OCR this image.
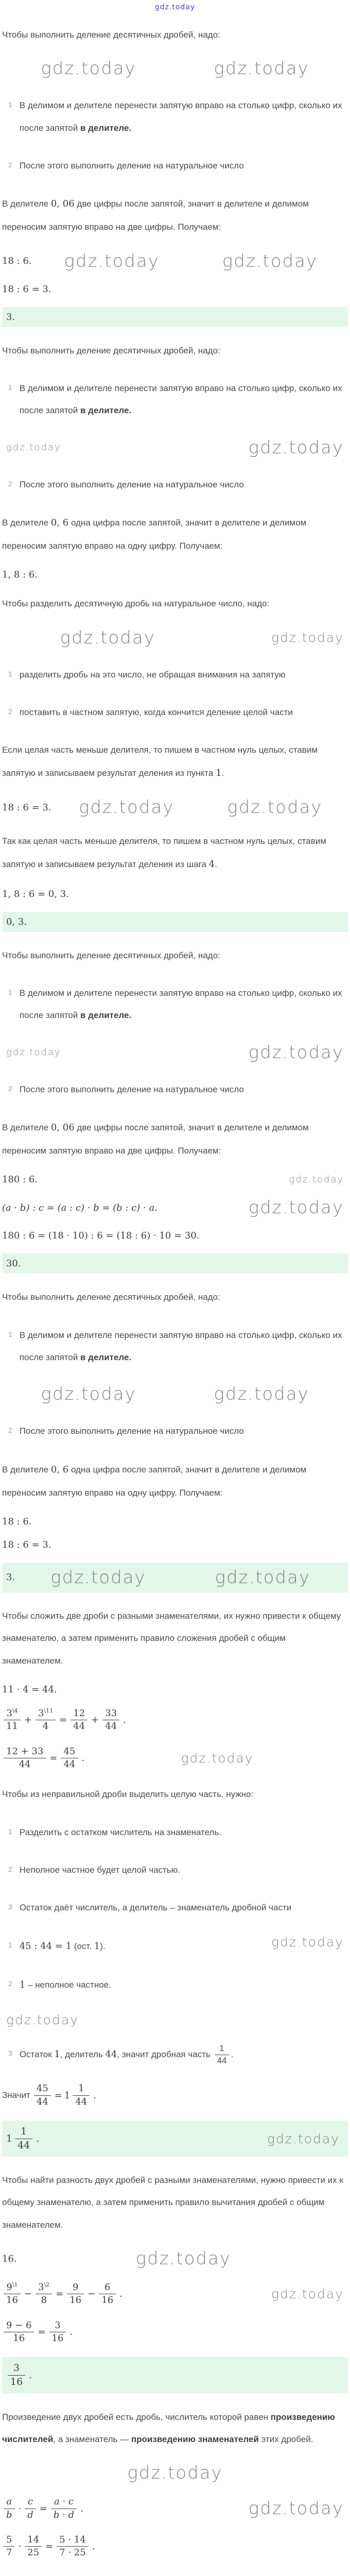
gdz.today
Чтобы выполнить деление десятичных дробей, надо:
gdz.today	gdz.today
1 В делимом и делителе перенести запятую вправо на столько цифр, сколько их после запятой в делителе.
2 После этого выполнить деление на натуральное число
В делителе 0, 06 две цифры после запятой, значит в делителе и делимом переносим запятую вправо на две цифры. Получаем:
18 : 6. gdz.today	gdz.today
18 : 6 = 3.
3.
Чтобы выполнить деление десятичных дробей, надо:
1 В делимом и делителе перенести запятую вправо на столько цифр, сколько их после запятой в делителе.
gdz.today	gdz.today
2 После этого выполнить деление на натуральное число
В делителе 0, 6 одна цифра после запятой, значит в делителе и делимом переносим запятую вправо на одну цифру. Получаем:
1, 8 : 6.
Чтобы разделить десятичную дробь на натуральное число, надо:
gdz.today	gdz.today
1 разделить дробь на это число, не обращая внимания на запятую
2 поставить в частном запятую, когда кончится деление целой части
Если целая часть меньше делителя, то пишем в частном нуль целых, ставим запятую и записываем результат деления из пункта 1.
18 : 6 = 3. gdz.today	gdz.today
Так как целая часть меньше делителя, то пишем в частном нуль целых, ставим запятую и записываем результат деления из шага 4.
1, 8 : 6 = 0, 3.
0, 3.
Чтобы выполнить деление десятичных дробей, надо:
1 В делимом и делителе перенести запятую вправо на столько цифр, сколько их после запятой в делителе.
gdz.today	gdz.today
2 После этого выполнить деление на натуральное число
В делителе 0, 06 две цифры после запятой, значит в делителе и делимом переносим запятую вправо на две цифры. Получаем:
180 : 6.	gdz.today
(a · b) : c = (a : c) · b = (b : c) · a.	gdz.today
180 : 6 = (18 · 10) : 6 = (18 : 6) · 10 = 30.
30.
Чтобы выполнить деление десятичных дробей, надо:
1 В делимом и делителе перенести запятую вправо на столько цифр, сколько их после запятой в делителе.
gdz.today	gdz.today
2 После этого выполнить деление на натуральное число
В делителе 0, 6 одна цифра после запятой, значит в делителе и делимом переносим запятую вправо на одну цифру. Получаем:
18 : 6.
18 : 6 = 3.
3. gdz.today	gdz.today
Чтобы сложить две дроби с разными знаменателями, их нужно привести к общему знаменателю, а затем применить правило сложения дробей с общим знаменателем.
11 · 4 = 44.
$\frac{3^{\backslash 4}}{11} + \frac{3^{\backslash 11}}{4} = \frac{12}{44} + \frac{33}{44}$ .
$\frac{12 + 33}{44} = \frac{45}{44}$ .	gdz.today
Чтобы из неправильной дроби выделить целую часть, нужно:
1 Разделить с остатком числитель на знаменатель.
2 Неполное частное будет целой частью.
3 Остаток даёт числитель, а делитель – знаменатель дробной части
1 45 : 44 = 1 (ост. 1).	gdz.today
2 1 – неполное частное.
gdz.today
3 Остаток 1, делитель 44, значит дробная часть $\frac{1}{44}$ .
Значит $\frac{45}{44} = 1 \frac{1}{44}$ .
$1 \frac{1}{44}$ .	gdz.today
Чтобы найти разность двух дробей с разными знаменателями, нужно привести их к общему знаменателю, а затем применить правило вычитания дробей с общим знаменателем.
16.	gdz.today
$\frac{9^{\backslash 1}}{16} - \frac{3^{\backslash 2}}{8} = \frac{9}{16} - \frac{6}{16}$ .	gdz.today
$\frac{9 - 6}{16} = \frac{3}{16}$ .
$\frac{3}{16}$ .
Произведение двух дробей есть дробь, числитель которой равен произведению числителей, а знаменатель — произведению знаменателей этих дробей.
gdz.today
$\frac{a}{b} \cdot \frac{c}{d} = \frac{a \cdot c}{b \cdot d}$ .	gdz.today
$\frac{5}{7} \cdot \frac{14}{25} = \frac{5 \cdot 14}{7 \cdot 25}$ .
